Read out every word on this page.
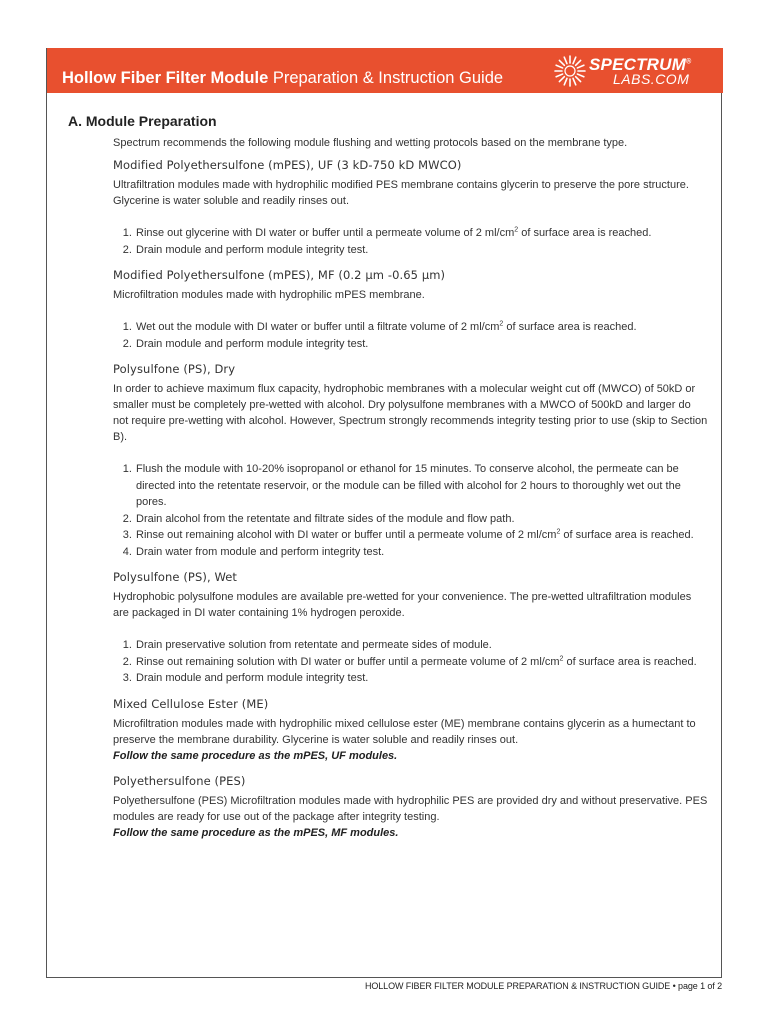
Hollow Fiber Filter Module Preparation & Instruction Guide
SPECTRUM®
LABS.COM
A. Module Preparation

Spectrum recommends the following module flushing and wetting protocols based on the membrane type.

Modified Polyethersulfone (mPES), UF (3 kD-750 kD MWCO)

Ultrafiltration modules made with hydrophilic modified PES membrane contains glycerin to preserve the pore structure. Glycerine is water soluble and readily rinses out.

1. Rinse out glycerine with DI water or buffer until a permeate volume of 2 $ml/cm^2$ of surface area is reached.
2. Drain module and perform module integrity test.
Modified Polyethersulfone (mPES), MF (0.2 µm -0.65 µm)

Microfiltration modules made with hydrophilic mPES membrane.

1. Wet out the module with DI water or buffer until a filtrate volume of 2 $ml/cm^2$ of surface area is reached.
2. Drain module and perform module integrity test.
Polysulfone (PS), Dry

In order to achieve maximum flux capacity, hydrophobic membranes with a molecular weight cut off (MWCO) of 50kD or smaller must be completely pre-wetted with alcohol. Dry polysulfone membranes with a MWCO of 500kD and larger do not require pre-wetting with alcohol. However, Spectrum strongly recommends integrity testing prior to use (skip to Section B).

1. Flush the module with 10-20% isopropanol or ethanol for 15 minutes. To conserve alcohol, the permeate can be directed into the retentate reservoir, or the module can be filled with alcohol for 2 hours to thoroughly wet out the pores.
2. Drain alcohol from the retentate and filtrate sides of the module and flow path.
3. Rinse out remaining alcohol with DI water or buffer until a permeate volume of 2 $ml/cm^2$ of surface area is reached.
4. Drain water from module and perform integrity test.
Polysulfone (PS), Wet

Hydrophobic polysulfone modules are available pre-wetted for your convenience. The pre-wetted ultrafiltration modules are packaged in DI water containing 1% hydrogen peroxide.

1. Drain preservative solution from retentate and permeate sides of module.
2. Rinse out remaining solution with DI water or buffer until a permeate volume of 2 $ml/cm^2$ of surface area is reached.
3. Drain module and perform module integrity test.
Mixed Cellulose Ester (ME)

Microfiltration modules made with hydrophilic mixed cellulose ester (ME) membrane contains glycerin as a humectant to preserve the membrane durability. Glycerine is water soluble and readily rinses out.

Follow the same procedure as the mPES, UF modules.

Polyethersulfone (PES)

Polyethersulfone (PES) Microfiltration modules made with hydrophilic PES are provided dry and without preservative. PES modules are ready for use out of the package after integrity testing.

Follow the same procedure as the mPES, MF modules.

HOLLOW FIBER FILTER MODULE PREPARATION & INSTRUCTION GUIDE • page 1 of 2
